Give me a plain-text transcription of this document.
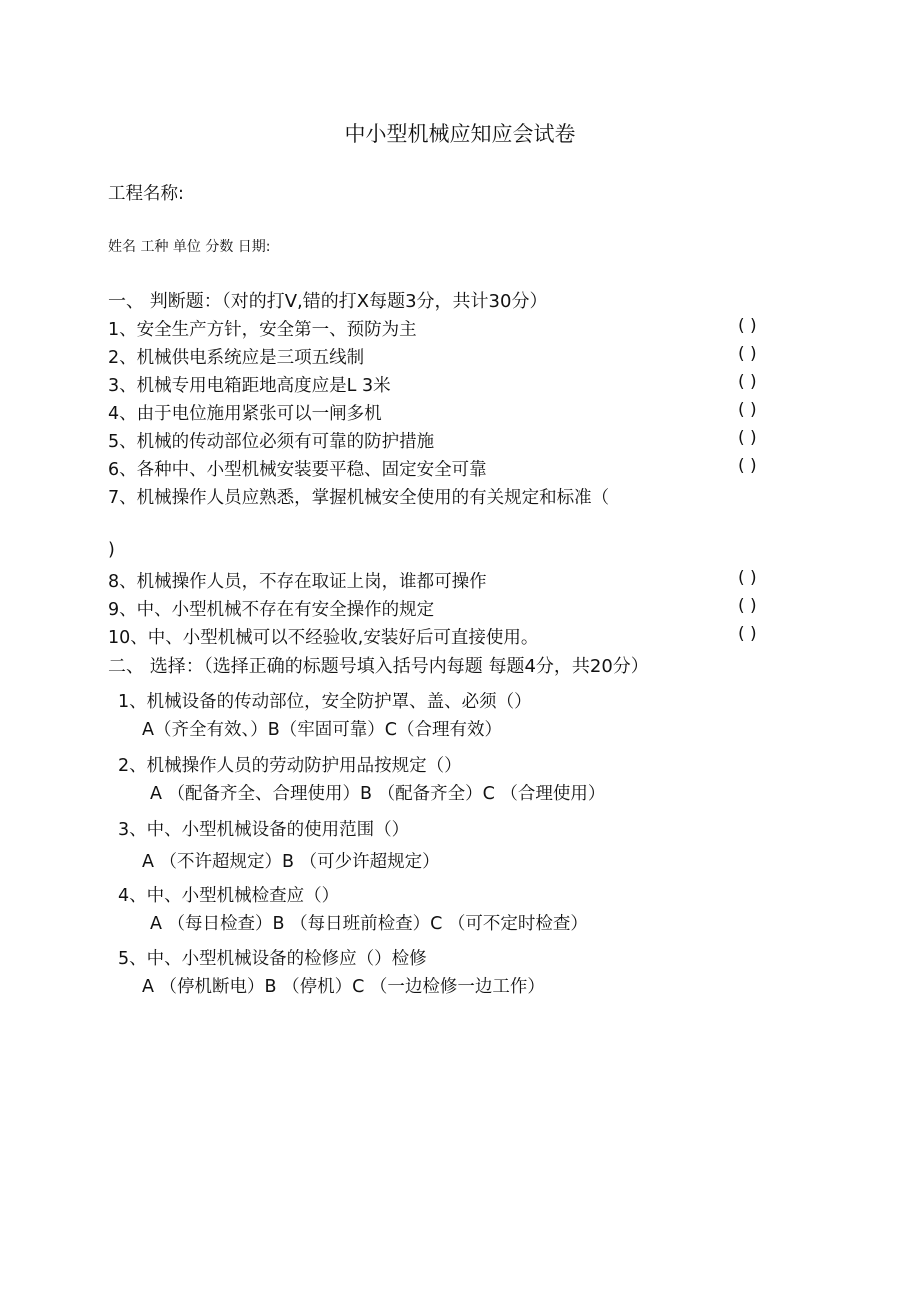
中小型机械应知应会试卷
工程名称:
姓名 工种 单位 分数 日期:
一、 判断题：（对的打V,错的打X每题3分，共计30分）
1、安全生产方针，安全第一、预防为主	( )
2、机械供电系统应是三项五线制	( )
3、机械专用电箱距地高度应是L 3米	( )
4、由于电位施用紧张可以一闸多机	( )
5、机械的传动部位必须有可靠的防护措施	( )
6、各种中、小型机械安装要平稳、固定安全可靠	( )
7、机械操作人员应熟悉，掌握机械安全使用的有关规定和标准（
)
8、机械操作人员，不存在取证上岗，谁都可操作	( )
9、中、小型机械不存在有安全操作的规定	( )
10、中、小型机械可以不经验收,安装好后可直接使用。	( )
二、 选择：（选择正确的标题号填入括号内每题 每题4分，共20分）
1、机械设备的传动部位，安全防护罩、盖、必须（）
A（齐全有效、）B（牢固可靠）C（合理有效）
2、机械操作人员的劳动防护用品按规定（）
A （配备齐全、合理使用）B （配备齐全）C （合理使用）
3、中、小型机械设备的使用范围（）
A （不许超规定）B （可少许超规定）
4、中、小型机械检查应（）
A （每日检查）B （每日班前检查）C （可不定时检查）
5、中、小型机械设备的检修应（）检修
A （停机断电）B （停机）C （一边检修一边工作）
